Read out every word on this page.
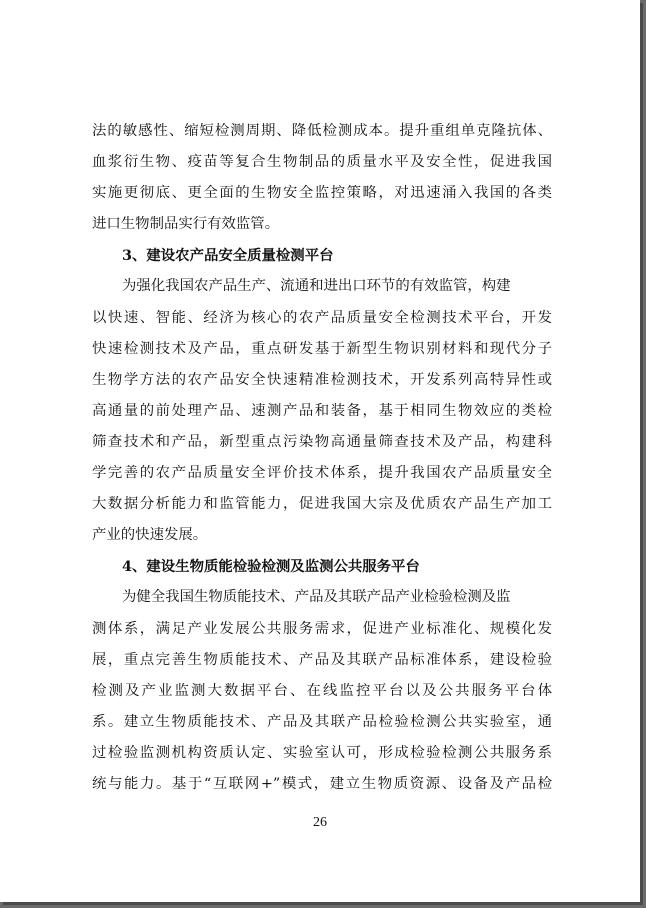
法的敏感性、缩短检测周期、降低检测成本。提升重组单克隆抗体、
血浆衍生物、疫苗等复合生物制品的质量水平及安全性，促进我国
实施更彻底、更全面的生物安全监控策略，对迅速涌入我国的各类
进口生物制品实行有效监管。
3、建设农产品安全质量检测平台
为强化我国农产品生产、流通和进出口环节的有效监管，构建
以快速、智能、经济为核心的农产品质量安全检测技术平台，开发
快速检测技术及产品，重点研发基于新型生物识别材料和现代分子
生物学方法的农产品安全快速精准检测技术，开发系列高特异性或
高通量的前处理产品、速测产品和装备，基于相同生物效应的类检
筛查技术和产品，新型重点污染物高通量筛查技术及产品，构建科
学完善的农产品质量安全评价技术体系，提升我国农产品质量安全
大数据分析能力和监管能力，促进我国大宗及优质农产品生产加工
产业的快速发展。
4、建设生物质能检验检测及监测公共服务平台
为健全我国生物质能技术、产品及其联产品产业检验检测及监
测体系，满足产业发展公共服务需求，促进产业标准化、规模化发
展，重点完善生物质能技术、产品及其联产品标准体系，建设检验
检测及产业监测大数据平台、在线监控平台以及公共服务平台体
系。建立生物质能技术、产品及其联产品检验检测公共实验室，通
过检验监测机构资质认定、实验室认可，形成检验检测公共服务系
统与能力。基于“互联网+”模式，建立生物质资源、设备及产品检
26
